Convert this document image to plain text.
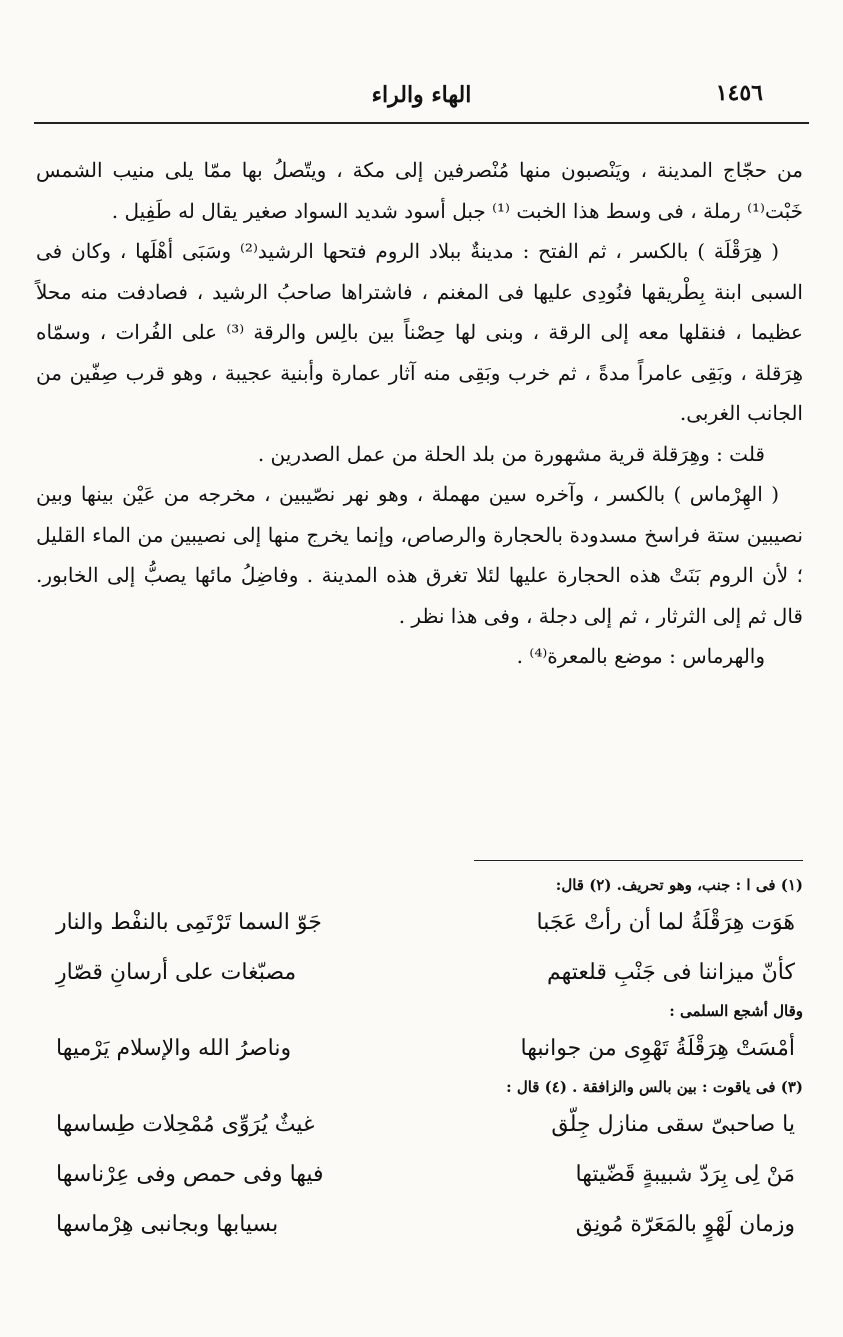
١٤٥٦
الهاء والراء

من حجّاج المدينة ، ويَنْصبون منها مُنْصرفين إلى مكة ، ويتّصلُ بها ممّا يلى منيب الشمس خَبْت⁽¹⁾ رملة ، فى وسط هذا الخبت ⁽¹⁾ جبل أسود شديد السواد صغير يقال له طَفِيل .

( هِرَقْلَة ) بالكسر ، ثم الفتح : مدينةٌ ببلاد الروم فتحها الرشيد⁽²⁾ وسَبَى أهْلَها ، وكان فى السبى ابنة بِطْريقها فنُودِى عليها فى المغنم ، فاشتراها صاحبُ الرشيد ، فصادفت منه محلاً عظيما ، فنقلها معه إلى الرقة ، وبنى لها حِصْناً بين بالِس والرقة ⁽³⁾ على الفُرات ، وسمّاه هِرَقلة ، وبَقِى عامراً مدةً ، ثم خرب وبَقِى منه آثار عمارة وأبنية عجيبة ، وهو قرب صِفّين من الجانب الغربى.

قلت : وهِرَقلة قرية مشهورة من بلد الحلة من عمل الصدرين .

( الهِرْماس ) بالكسر ، وآخره سين مهملة ، وهو نهر نصّيبين ، مخرجه من عَيْن بينها وبين نصيبين ستة فراسخ مسدودة بالحجارة والرصاص، وإنما يخرج منها إلى نصيبين من الماء القليل ؛ لأن الروم بَنَتْ هذه الحجارة عليها لئلا تغرق هذه المدينة . وفاضِلُ مائها يصبُّ إلى الخابور. قال ثم إلى الثرثار ، ثم إلى دجلة ، وفى هذا نظر .

والهرماس : موضع بالمعرة⁽⁴⁾ .

(١) فى ا : جنب، وهو تحريف. (٢) قال:

هَوَت هِرَقْلَةُ لما أن رأتْ عَجَبا
جَوّ السما تَرْتَمِى بالنفْط والنار
كأنّ ميزاننا فى جَنْبِ قلعتهم
مصبّغات على أرسانِ قصّارِ

وقال أشجع السلمى :

أمْسَتْ هِرَقْلَةُ تَهْوِى من جوانبها
وناصرُ الله والإسلام يَرْميها

(٣) فى ياقوت : بين بالس والزافقة . (٤) قال :

يا صاحبىّ سقى منازل جِلّق
غيثٌ يُرَوِّى مُمْحِلات طِساسها
مَنْ لِى بِرَدّ شبيبةٍ قَضّيتها
فيها وفى حمص وفى عِرْناسها
وزمان لَهْوٍ بالمَعَرّة مُونِق
بسيابها وبجانبى هِرْماسها
